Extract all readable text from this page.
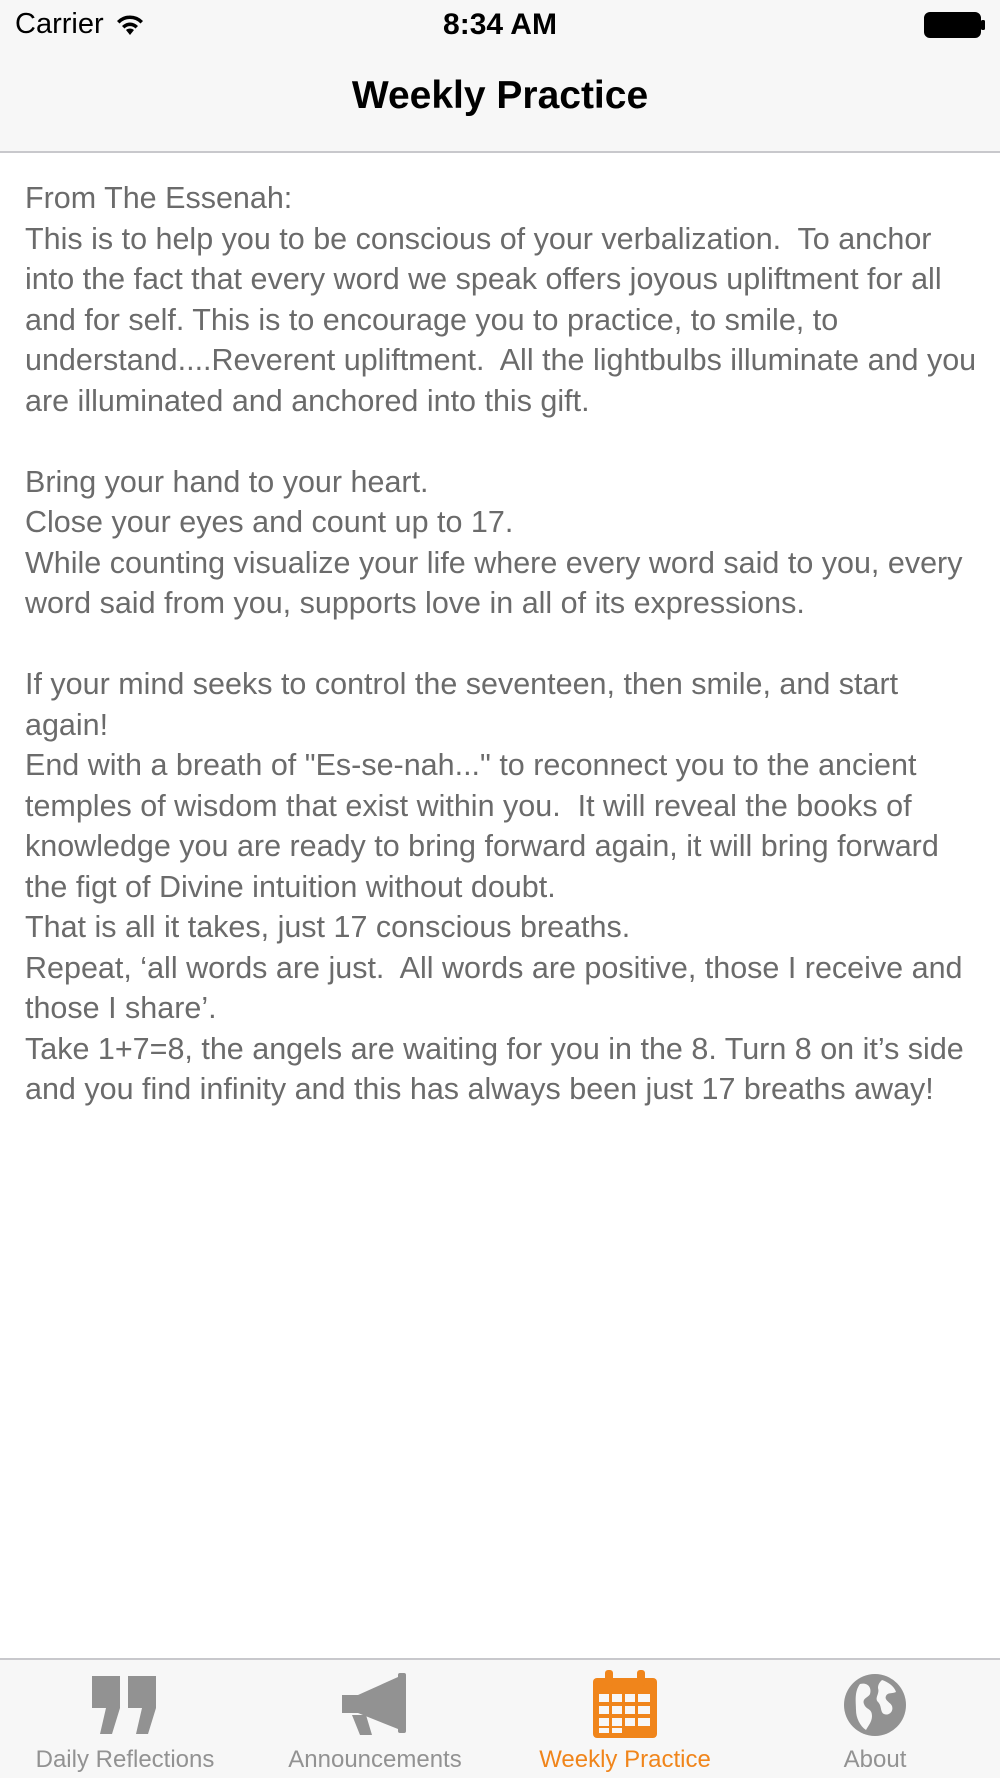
Carrier	8:34 AM
Weekly Practice
From The Essenah:
This is to help you to be conscious of your verbalization.  To anchor into the fact that every word we speak offers joyous upliftment for all and for self. This is to encourage you to practice, to smile, to understand....Reverent upliftment.  All the lightbulbs illuminate and you are illuminated and anchored into this gift.

Bring your hand to your heart.
Close your eyes and count up to 17.
While counting visualize your life where every word said to you, every word said from you, supports love in all of its expressions.

If your mind seeks to control the seventeen, then smile, and start again!
End with a breath of "Es-se-nah..." to reconnect you to the ancient temples of wisdom that exist within you.  It will reveal the books of knowledge you are ready to bring forward again, it will bring forward the figt of Divine intuition without doubt.
That is all it takes, just 17 conscious breaths.
Repeat, ‘all words are just.  All words are positive, those I receive and those I share’.
Take 1+7=8, the angels are waiting for you in the 8. Turn 8 on it’s side and you find infinity and this has always been just 17 breaths away!
Daily Reflections	Announcements	Weekly Practice	About
